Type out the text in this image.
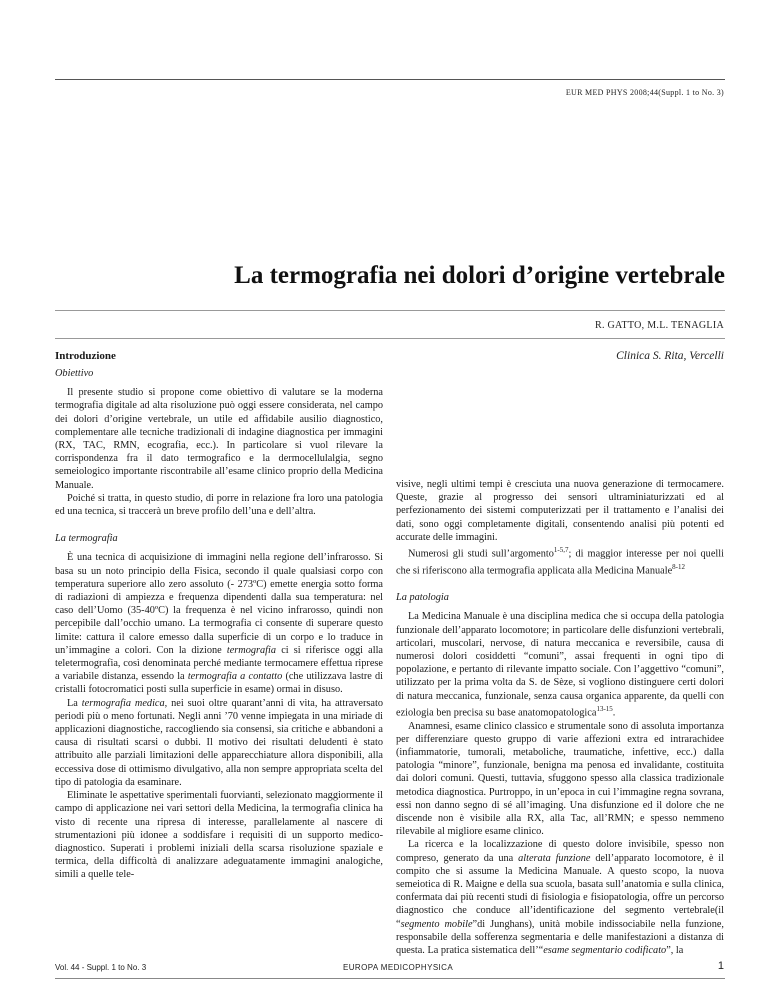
EUR MED PHYS 2008;44(Suppl. 1 to No. 3)
La termografia nei dolori d’origine vertebrale
R. GATTO, M.L. TENAGLIA
Clinica S. Rita, Vercelli
Introduzione
Obiettivo

Il presente studio si propone come obiettivo di valutare se la moderna termografia digitale ad alta risoluzione può oggi essere considerata, nel campo dei dolori d’origine vertebrale, un utile ed affidabile ausilio diagnostico, complementare alle tecniche tradizionali di indagine diagnostica per immagini (RX, TAC, RMN, ecografia, ecc.). In particolare si vuol rilevare la corrispondenza fra il dato termografico e la dermocellulalgia, segno semeiologico importante riscontrabile all’esame clinico proprio della Medicina Manuale.

Poiché si tratta, in questo studio, di porre in relazione fra loro una patologia ed una tecnica, si traccerà un breve profilo dell’una e dell’altra.

La termografia

È una tecnica di acquisizione di immagini nella regione dell’infrarosso. Si basa su un noto principio della Fisica, secondo il quale qualsiasi corpo con temperatura superiore allo zero assoluto (- 273ºC) emette energia sotto forma di radiazioni di ampiezza e frequenza dipendenti dalla sua temperatura: nel caso dell’Uomo (35-40ºC) la frequenza è nel vicino infrarosso, quindi non percepibile dall’occhio umano. La termografia ci consente di superare questo limite: cattura il calore emesso dalla superficie di un corpo e lo traduce in un’immagine a colori. Con la dizione termografia ci si riferisce oggi alla teletermografia, così denominata perché mediante termocamere effettua riprese a variabile distanza, essendo la termografia a contatto (che utilizzava lastre di cristalli fotocromatici posti sulla superficie in esame) ormai in disuso.

La termografia medica, nei suoi oltre quarant’anni di vita, ha attraversato periodi più o meno fortunati. Negli anni ’70 venne impiegata in una miriade di applicazioni diagnostiche, raccogliendo sia consensi, sia critiche e abbandoni a causa di risultati scarsi o dubbi. Il motivo dei risultati deludenti è stato attribuito alle parziali limitazioni delle apparecchiature allora disponibili, alla eccessiva dose di ottimismo divulgativo, alla non sempre appropriata scelta del tipo di patologia da esaminare.

Eliminate le aspettative sperimentali fuorvianti, selezionato maggiormente il campo di applicazione nei vari settori della Medicina, la termografia clinica ha visto di recente una ripresa di interesse, parallelamente al nascere di strumentazioni più idonee a soddisfare i requisiti di un supporto medico-diagnostico. Superati i problemi iniziali della scarsa risoluzione spaziale e termica, della difficoltà di analizzare adeguatamente immagini analogiche, simili a quelle tele-

visive, negli ultimi tempi è cresciuta una nuova generazione di termocamere. Queste, grazie al progresso dei sensori ultraminiaturizzati ed al perfezionamento dei sistemi computerizzati per il trattamento e l’analisi dei dati, sono oggi completamente digitali, consentendo analisi più potenti ed accurate delle immagini.

Numerosi gli studi sull’argomento$^{1-5,7}$; di maggior interesse per noi quelli che si riferiscono alla termografia applicata alla Medicina Manuale$^{8-12}$

La patologia

La Medicina Manuale è una disciplina medica che si occupa della patologia funzionale dell’apparato locomotore; in particolare delle disfunzioni vertebrali, articolari, muscolari, nervose, di natura meccanica e reversibile, causa di numerosi dolori cosiddetti “comuni”, assai frequenti in ogni tipo di popolazione, e pertanto di rilevante impatto sociale. Con l’aggettivo “comuni”, utilizzato per la prima volta da S. de Sèze, si vogliono distinguere certi dolori di natura meccanica, funzionale, senza causa organica apparente, da quelli con eziologia ben precisa su base anatomopatologica$^{13-15}$.

Anamnesi, esame clinico classico e strumentale sono di assoluta importanza per differenziare questo gruppo di varie affezioni extra ed intrarachidee (infiammatorie, tumorali, metaboliche, traumatiche, infettive, ecc.) dalla patologia “minore”, funzionale, benigna ma penosa ed invalidante, costituita dai dolori comuni. Questi, tuttavia, sfuggono spesso alla classica tradizionale metodica diagnostica. Purtroppo, in un’epoca in cui l’immagine regna sovrana, essi non danno segno di sé all’imaging. Una disfunzione ed il dolore che ne discende non è visibile alla RX, alla Tac, all’RMN; e spesso nemmeno rilevabile al migliore esame clinico.

La ricerca e la localizzazione di questo dolore invisibile, spesso non compreso, generato da una alterata funzione dell’apparato locomotore, è il compito che si assume la Medicina Manuale. A questo scopo, la nuova semeiotica di R. Maigne e della sua scuola, basata sull’anatomia e sulla clinica, confermata dai più recenti studi di fisiologia e fisiopatologia, offre un percorso diagnostico che conduce all’identificazione del segmento vertebrale(il “segmento mobile”di Junghans), unità mobile indissociabile nella funzione, responsabile della sofferenza segmentaria e delle manifestazioni a distanza di questa. La pratica sistematica dell’“esame segmentario codificato”, la

Vol. 44 - Suppl. 1 to No. 3	EUROPA MEDICOPHYSICA	1
